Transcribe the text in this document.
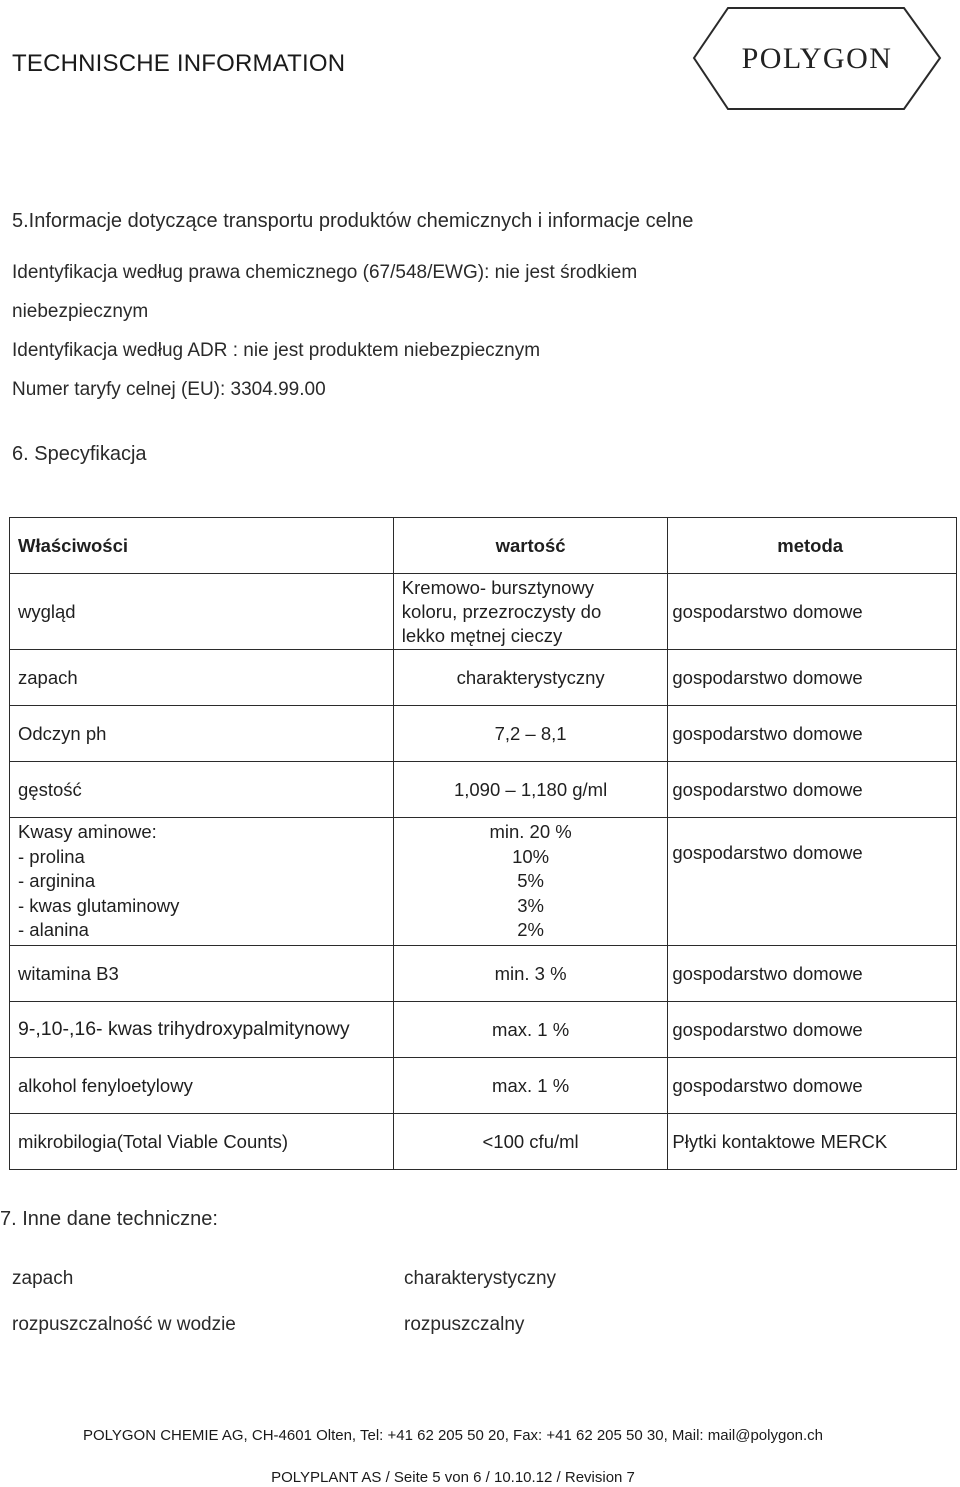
TECHNISCHE INFORMATION	POLYGON
5.Informacje dotyczące transportu produktów chemicznych i informacje celne
Identyfikacja według prawa chemicznego (67/548/EWG): nie jest środkiem
niebezpiecznym
Identyfikacja według ADR : nie jest produktem niebezpiecznym
Numer taryfy celnej (EU): 3304.99.00
6. Specyfikacja
Właściwości	wartość	metoda
wygląd	Kremowo- bursztynowy
koloru, przezroczysty do
lekko mętnej cieczy	gospodarstwo domowe
zapach	charakterystyczny	gospodarstwo domowe
Odczyn ph	7,2 – 8,1	gospodarstwo domowe
gęstość	1,090 – 1,180 g/ml	gospodarstwo domowe
Kwasy aminowe:
- prolina
- arginina
- kwas glutaminowy
- alanina	min. 20 %
10%
5%
3%
2%	gospodarstwo domowe
witamina B3	min. 3 %	gospodarstwo domowe
9-,10-,16- kwas trihydroxypalmitynowy	max. 1 %	gospodarstwo domowe
alkohol fenyloetylowy	max. 1 %	gospodarstwo domowe
mikrobilogia(Total Viable Counts)	<100 cfu/ml	Płytki kontaktowe MERCK
7. Inne dane techniczne:
zapach	charakterystyczny
rozpuszczalność w wodzie	rozpuszczalny
POLYGON CHEMIE AG, CH-4601 Olten, Tel: +41 62 205 50 20, Fax: +41 62 205 50 30, Mail: mail@polygon.ch
POLYPLANT AS / Seite 5 von 6 / 10.10.12 / Revision 7
